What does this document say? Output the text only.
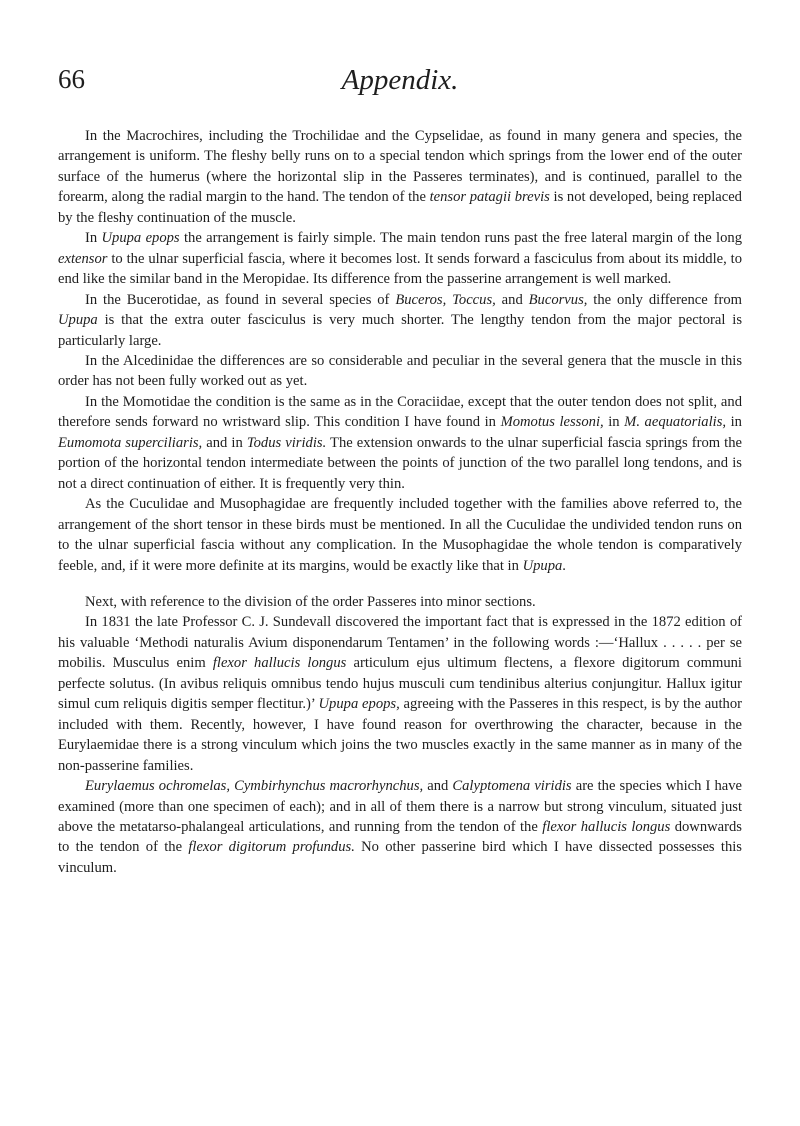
66	Appendix.

In the Macrochires, including the Trochilidae and the Cypselidae, as found in many genera and species, the arrangement is uniform. The fleshy belly runs on to a special tendon which springs from the lower end of the outer surface of the humerus (where the horizontal slip in the Passeres terminates), and is continued, parallel to the forearm, along the radial margin to the hand. The tendon of the tensor patagii brevis is not developed, being replaced by the fleshy continuation of the muscle.

In Upupa epops the arrangement is fairly simple. The main tendon runs past the free lateral margin of the long extensor to the ulnar superficial fascia, where it becomes lost. It sends forward a fasciculus from about its middle, to end like the similar band in the Meropidae. Its difference from the passerine arrangement is well marked.

In the Bucerotidae, as found in several species of Buceros, Toccus, and Bucorvus, the only difference from Upupa is that the extra outer fasciculus is very much shorter. The lengthy tendon from the major pectoral is particularly large.

In the Alcedinidae the differences are so considerable and peculiar in the several genera that the muscle in this order has not been fully worked out as yet.

In the Momotidae the condition is the same as in the Coraciidae, except that the outer tendon does not split, and therefore sends forward no wristward slip. This condition I have found in Momotus lessoni, in M. aequatorialis, in Eumomota superciliaris, and in Todus viridis. The extension onwards to the ulnar superficial fascia springs from the portion of the horizontal tendon intermediate between the points of junction of the two parallel long tendons, and is not a direct continuation of either. It is frequently very thin.

As the Cuculidae and Musophagidae are frequently included together with the families above referred to, the arrangement of the short tensor in these birds must be mentioned. In all the Cuculidae the undivided tendon runs on to the ulnar superficial fascia without any complication. In the Musophagidae the whole tendon is comparatively feeble, and, if it were more definite at its margins, would be exactly like that in Upupa.

Next, with reference to the division of the order Passeres into minor sections.

In 1831 the late Professor C. J. Sundevall discovered the important fact that is expressed in the 1872 edition of his valuable ‘Methodi naturalis Avium disponendarum Tentamen’ in the following words :—‘Hallux . . . . . per se mobilis. Musculus enim flexor hallucis longus articulum ejus ultimum flectens, a flexore digitorum communi perfecte solutus. (In avibus reliquis omnibus tendo hujus musculi cum tendinibus alterius conjungitur. Hallux igitur simul cum reliquis digitis semper flectitur.)’ Upupa epops, agreeing with the Passeres in this respect, is by the author included with them. Recently, however, I have found reason for overthrowing the character, because in the Eurylaemidae there is a strong vinculum which joins the two muscles exactly in the same manner as in many of the non-passerine families.

Eurylaemus ochromelas, Cymbirhynchus macrorhynchus, and Calyptomena viridis are the species which I have examined (more than one specimen of each); and in all of them there is a narrow but strong vinculum, situated just above the metatarso-phalangeal articulations, and running from the tendon of the flexor hallucis longus downwards to the tendon of the flexor digitorum profundus. No other passerine bird which I have dissected possesses this vinculum.
